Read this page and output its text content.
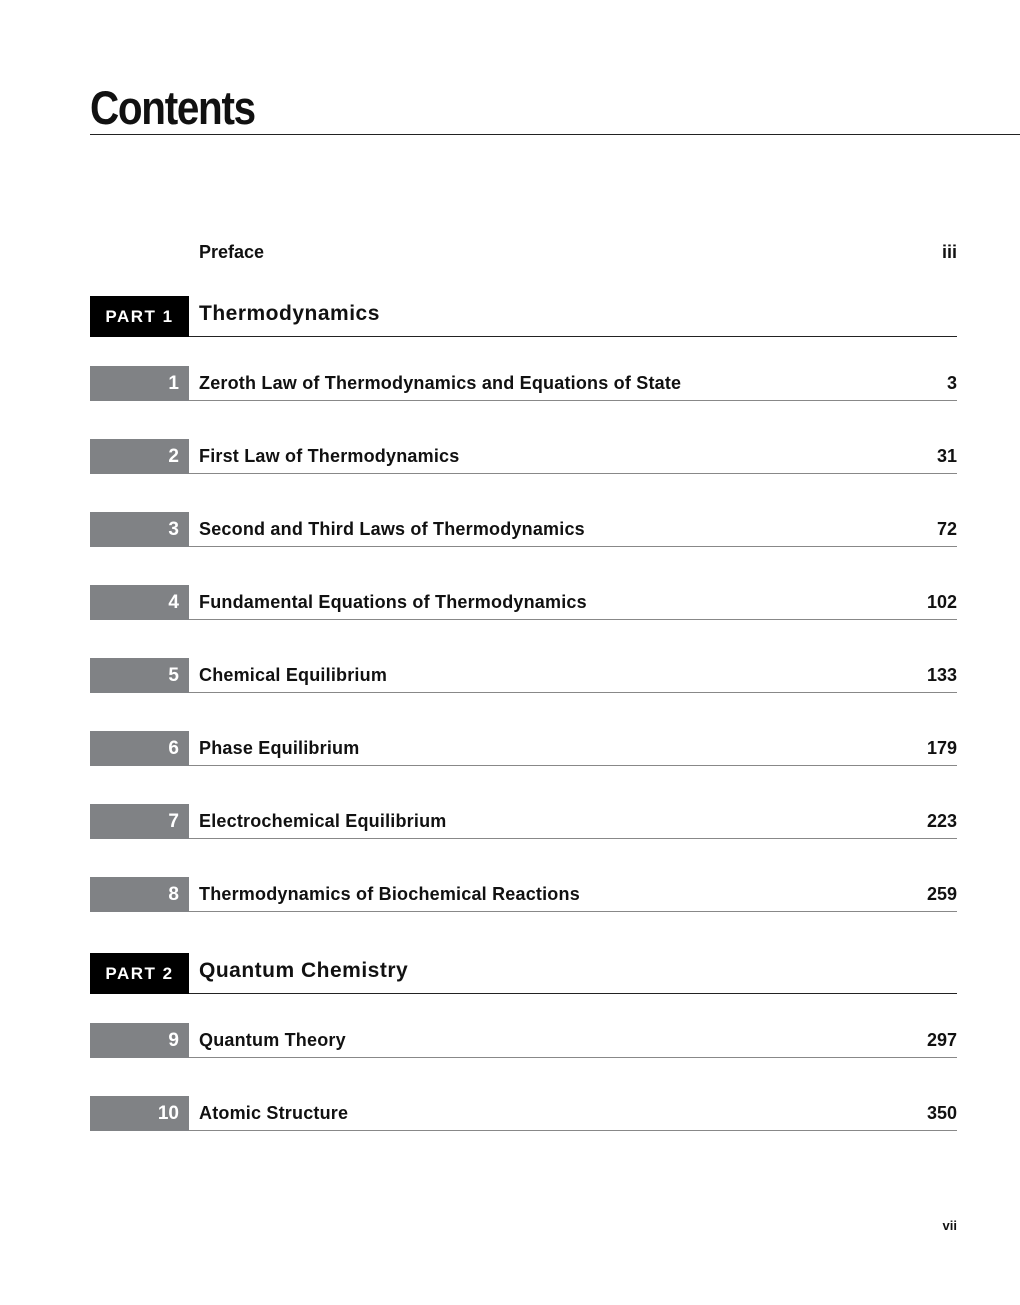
Contents
Preface	iii
PART 1	Thermodynamics
1	Zeroth Law of Thermodynamics and Equations of State	3
2	First Law of Thermodynamics	31
3	Second and Third Laws of Thermodynamics	72
4	Fundamental Equations of Thermodynamics	102
5	Chemical Equilibrium	133
6	Phase Equilibrium	179
7	Electrochemical Equilibrium	223
8	Thermodynamics of Biochemical Reactions	259
PART 2	Quantum Chemistry
9	Quantum Theory	297
10	Atomic Structure	350
vii
